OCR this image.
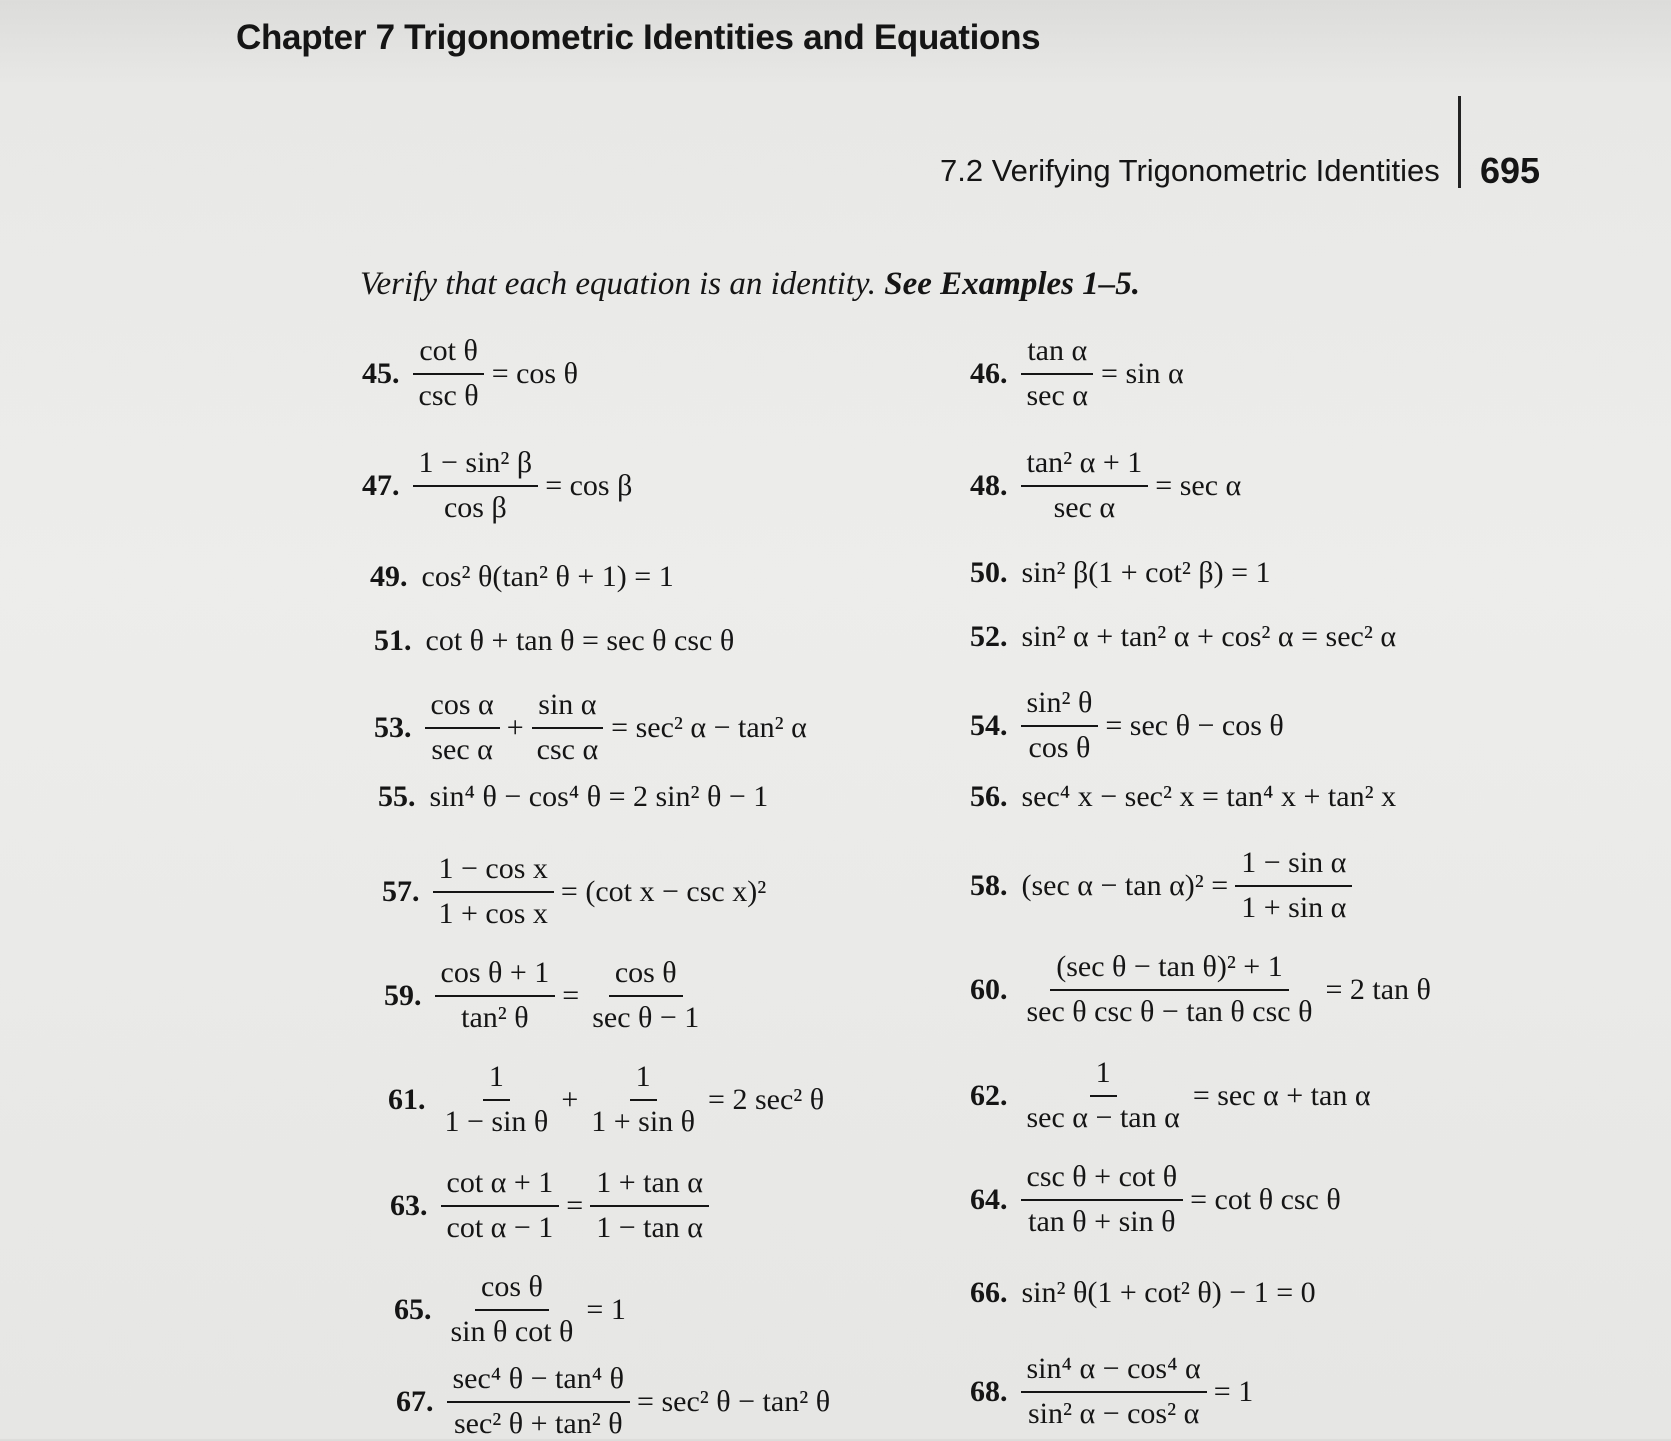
Chapter 7 Trigonometric Identities and Equations
7.2 Verifying Trigonometric Identities 695
Verify that each equation is an identity. See Examples 1–5.
45. $\frac{\text{cot θ}}{\text{csc θ}} = \cos \theta$	46. $\frac{\text{tan α}}{\text{sec α}} = \sin \alpha$
47. $\frac{\text{1 − sin² β}}{\text{cos β}} = \cos \beta$	48. $\frac{\text{tan² α + 1}}{\text{sec α}} = \sec \alpha$
49. cos² θ(tan² θ + 1) = 1	50. sin² β(1 + cot² β) = 1
51. cot θ + tan θ = sec θ csc θ	52. sin² α + tan² α + cos² α = sec² α
53. $\frac{\text{cos α}}{\text{sec α}} + \frac{\text{sin α}}{\text{csc α}} = \sec^2$ α − tan² α	54. $\frac{\text{sin² θ}}{\text{cos θ}} = \sec \theta - \cos \theta$
55. sin⁴ θ − cos⁴ θ = 2 sin² θ − 1	56. sec⁴ x − sec² x = tan⁴ x + tan² x
57. $\frac{\text{1 − cos x}}{\text{1 + cos x}} = (\cot$ x − csc x)²	58. (sec $\alpha - \tan \alpha)^2 = \frac{\text{1 − sin α}}{\text{1 + sin α}}$
59. $\frac{\text{cos θ + 1}}{\text{tan² θ}} = \frac{\text{cos θ}}{\text{sec θ − 1}}$	60. $\frac{\text{(sec θ − tan θ)² + 1}}{\text{sec θ csc θ − tan θ csc θ}} = 2$ tan θ
61. $\frac{1}{\text{1 − sin θ}} + \frac{1}{\text{1 + sin θ}} = 2$ sec² θ	62. $\frac{1}{\text{sec α − tan α}} = \sec \alpha + \tan \alpha$
63. $\frac{\text{cot α + 1}}{\text{cot α − 1}} = \frac{\text{1 + tan α}}{\text{1 − tan α}}$	64. $\frac{\text{csc θ + cot θ}}{\text{tan θ + sin θ}} = \cot \theta$ csc θ
65. $\frac{\text{cos θ}}{\text{sin θ cot θ}} = 1$	66. sin² θ(1 + cot² θ) − 1 = 0
67. $\frac{\text{sec⁴ θ − tan⁴ θ}}{\text{sec² θ + tan² θ}} = \sec^2$ θ − tan² θ	68. $\frac{\text{sin⁴ α − cos⁴ α}}{\text{sin² α − cos² α}} = 1$
